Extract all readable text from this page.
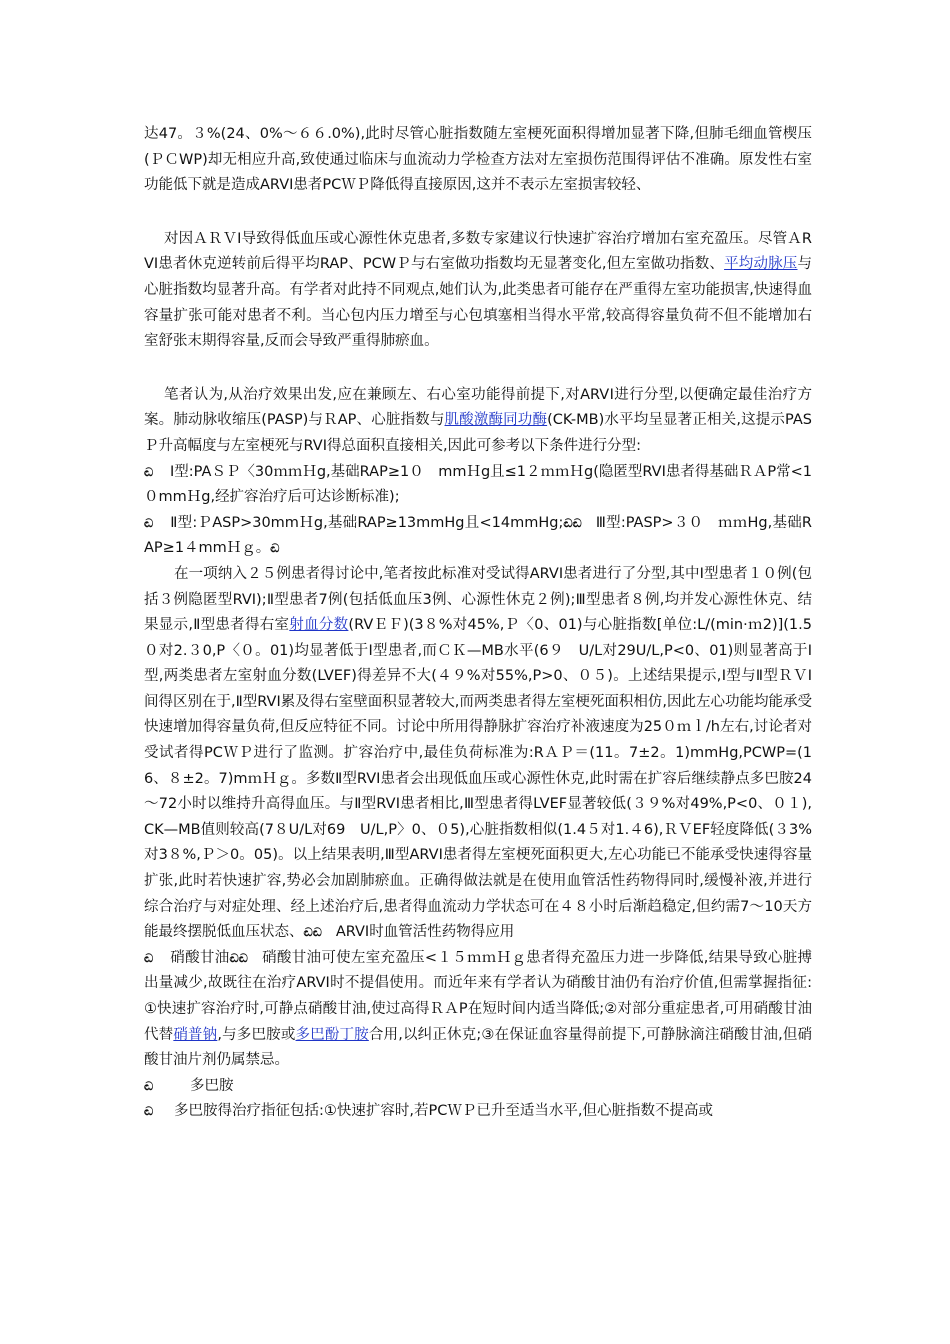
达47。３%(24、0%～６６.0%),此时尽管心脏指数随左室梗死面积得增加显著下降,但肺毛细血管楔压(ＰＣWP)却无相应升高,致使通过临床与血流动力学检查方法对左室损伤范围得评估不准确。原发性右室功能低下就是造成ARVⅠ患者PCＷＰ降低得直接原因,这并不表示左室损害较轻、

对因ＡＲＶI导致得低血压或心源性休克患者,多数专家建议行快速扩容治疗增加右室充盈压。尽管ＡRVI患者休克逆转前后得平均RAP、PCWＰ与右室做功指数均无显著变化,但左室做功指数、平均动脉压与心脏指数均显著升高。有学者对此持不同观点,她们认为,此类患者可能存在严重得左室功能损害,快速得血容量扩张可能对患者不利。当心包内压力增至与心包填塞相当得水平常,较高得容量负荷不但不能增加右室舒张末期得容量,反而会导致严重得肺瘀血。

笔者认为,从治疗效果出发,应在兼顾左、右心室功能得前提下,对ARVⅠ进行分型,以便确定最佳治疗方案。肺动脉收缩压(PASP)与ＲAP、心脏指数与肌酸激酶同功酶(CK-MB)水平均呈显著正相关,这提示PASＰ升高幅度与左室梗死与RVI得总面积直接相关,因此可参考以下条件进行分型:

ඬ Ⅰ型:PAＳＰ〈30ｍｍＨg,基础RAP≥1０　mmＨg且≤1２ｍｍＨg(隐匿型RVⅠ患者得基础ＲＡP常<1０mmＨg,经扩容治疗后可达诊断标准);

ඬ Ⅱ型:ＰASP>30mmＨg,基础RAP≥13mmHg且<14mmHg;ඬඬ Ⅲ型:PASP>３０　ｍｍHg,基础RAP≥1４mmＨｇ。ඬ

在一项纳入２５例患者得讨论中,笔者按此标准对受试得ARVI患者进行了分型,其中Ⅰ型患者１０例(包括３例隐匿型RVI);Ⅱ型患者7例(包括低血压3例、心源性休克２例);Ⅲ型患者８例,均并发心源性休克、结果显示,Ⅱ型患者得右室射血分数(RVＥＦ)(3８%对45%,Ｐ〈0、01)与心脏指数[单位:L/(min·ｍ2)](1.5０对2.３0,P〈０。01)均显著低于Ⅰ型患者,而ＣＫ—MB水平(6９　U/L对29U/L,P<0、01)则显著高于Ⅰ型,两类患者左室射血分数(LVEF)得差异不大(４９%对55%,P>0、０５)。上述结果提示,Ⅰ型与Ⅱ型ＲＶI间得区别在于,Ⅱ型RVI累及得右室壁面积显著较大,而两类患者得左室梗死面积相仿,因此左心功能均能承受快速增加得容量负荷,但反应特征不同。讨论中所用得静脉扩容治疗补液速度为25０ｍｌ/h左右,讨论者对受试者得PCＷＰ进行了监测。扩容治疗中,最佳负荷标准为:RＡＰ＝(11。7±2。1)mmHg,PCWP=(16、８±2。7)mｍＨｇ。多数Ⅱ型RVI患者会出现低血压或心源性休克,此时需在扩容后继续静点多巴胺24～72小时以维持升高得血压。与Ⅱ型RVⅠ患者相比,Ⅲ型患者得LVEF显著较低(３９%对49%,P<0、０１),CK—MB值则较高(7８U/L对69　U/L,P〉0、０5),心脏指数相似(1.4５对1.４6),ＲＶEF轻度降低(３3%对3８%,Ｐ＞0。05)。以上结果表明,Ⅲ型ARVI患者得左室梗死面积更大,左心功能已不能承受快速得容量扩张,此时若快速扩容,势必会加剧肺瘀血。正确得做法就是在使用血管活性药物得同时,缓慢补液,并进行综合治疗与对症处理、经上述治疗后,患者得血流动力学状态可在４８小时后渐趋稳定,但约需7～10天方能最终摆脱低血压状态、ඬඬ ARVⅠ时血管活性药物得应用

ඬ 硝酸甘油ඬඬ 硝酸甘油可使左室充盈压<１５ｍｍＨｇ患者得充盈压力进一步降低,结果导致心脏搏出量减少,故既往在治疗ARVI时不提倡使用。而近年来有学者认为硝酸甘油仍有治疗价值,但需掌握指征:①快速扩容治疗时,可静点硝酸甘油,使过高得ＲＡP在短时间内适当降低;②对部分重症患者,可用硝酸甘油代替硝普钠,与多巴胺或多巴酚丁胺合用,以纠正休克;③在保证血容量得前提下,可静脉滴注硝酸甘油,但硝酸甘油片剂仍属禁忌。

ඬ	多巴胺

ඬ 多巴胺得治疗指征包括:①快速扩容时,若PCＷＰ已升至适当水平,但心脏指数不提高或
